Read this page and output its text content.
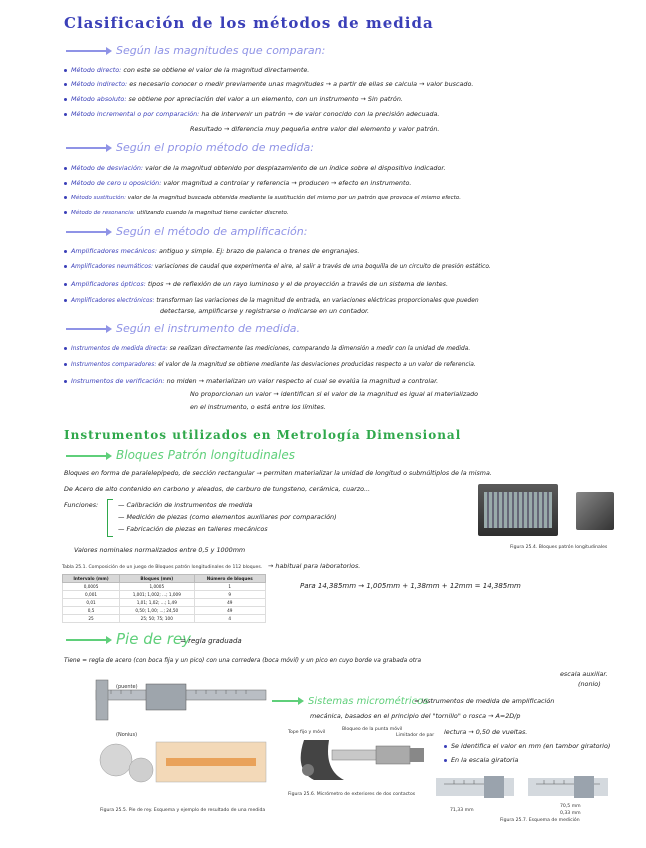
Clasificación de los métodos de medida
Según las magnitudes que comparan:
Método directo: con este se obtiene el valor de la magnitud directamente.
Método indirecto: es necesario conocer o medir previamente unas magnitudes → a partir de ellas se calcula → valor buscado.
Método absoluto: se obtiene por apreciación del valor a un elemento, con un instrumento → Sin patrón.
Método incremental o por comparación: ha de intervenir un patrón → de valor conocido con la precisión adecuada.
Resultado → diferencia muy pequeña entre valor del elemento y valor patrón.
Según el propio método de medida:
Método de desviación: valor de la magnitud obtenido por desplazamiento de un índice sobre el dispositivo indicador.
Método de cero u oposición: valor magnitud a controlar y referencia → producen → efecto en instrumento.
Método sustitución: valor de la magnitud buscada obtenida mediante la sustitución del mismo por un patrón que provoca el mismo efecto.
Método de resonancia: utilizando cuando la magnitud tiene carácter discreto.
Según el método de amplificación:
Amplificadores mecánicos: antiguo y simple. Ej: brazo de palanca o trenes de engranajes.
Amplificadores neumáticos: variaciones de caudal que experimenta el aire, al salir a través de una boquilla de un circuito de presión estático.
Amplificadores ópticos: tipos → de reflexión de un rayo luminoso y el de proyección a través de un sistema de lentes.
Amplificadores electrónicos: transforman las variaciones de la magnitud de entrada, en variaciones eléctricas proporcionales que pueden
detectarse, amplificarse y registrarse o indicarse en un contador.
Según el instrumento de medida.
Instrumentos de medida directa: se realizan directamente las mediciones, comparando la dimensión a medir con la unidad de medida.
Instrumentos comparadores: el valor de la magnitud se obtiene mediante las desviaciones producidas respecto a un valor de referencia.
Instrumentos de verificación: no miden → materializan un valor respecto al cual se evalúa la magnitud a controlar.
No proporcionan un valor → identifican si el valor de la magnitud es igual al materializado
en el instrumento, o está entre los límites.
Instrumentos utilizados en Metrología Dimensional
Bloques Patrón longitudinales
Bloques en forma de paralelepípedo, de sección rectangular → permiten materializar la unidad de longitud o submúltiplos de la misma.
De Acero de alto contenido en carbono y aleados, de carburo de tungsteno, cerámica, cuarzo...
Funciones:	— Calibración de instrumentos de medida
— Medición de piezas (como elementos auxiliares por comparación)
— Fabricación de piezas en talleres mecánicos
Valores nominales normalizados entre 0,5 y 1000mm	Figura 25.4. Bloques patrón longitudinales
Tabla 25.1. Composición de un juego de Bloques patrón longitudinales de 112 bloques. → habitual para laboratorios.
Intervalo (mm)	Bloques (mm)	Número de bloques
0,0005	1,0005	1
0,001	1,001; 1,002; ...; 1,009	9
0,01	1,01; 1,02; ...; 1,49	49
0,5	0,50; 1,00; ...; 24,50	49
25	25; 50; 75; 100	4
Para 14,385mm → 1,005mm + 1,38mm + 12mm = 14,385mm
Pie de rey
= regla graduada
Tiene = regla de acero (con boca fija y un pico) con una corredera (boca móvil) y un pico en cuyo borde va grabada otra
escala auxiliar.
(nonio)
(puente)
(Nonius)
Figura 25.5. Pie de rey. Esquema y ejemplo de resultado de una medida
Sistemas micrométricos
= instrumentos de medida de amplificación
mecánica, basados en el principio del "tornillo" o rosca → A=2D/p
lectura → 0,50 de vueltas.
Se identifica el valor en mm (en tambor giratorio)
En la escala giratoria
Tope fijo y móvil
Bloqueo de la punta móvil
Limitador de par
Figura 25.6. Micrómetro de exteriores de dos contactos
71,33 mm
70,5 mm
0,33 mm
Figura 25.7. Esquema de medición
